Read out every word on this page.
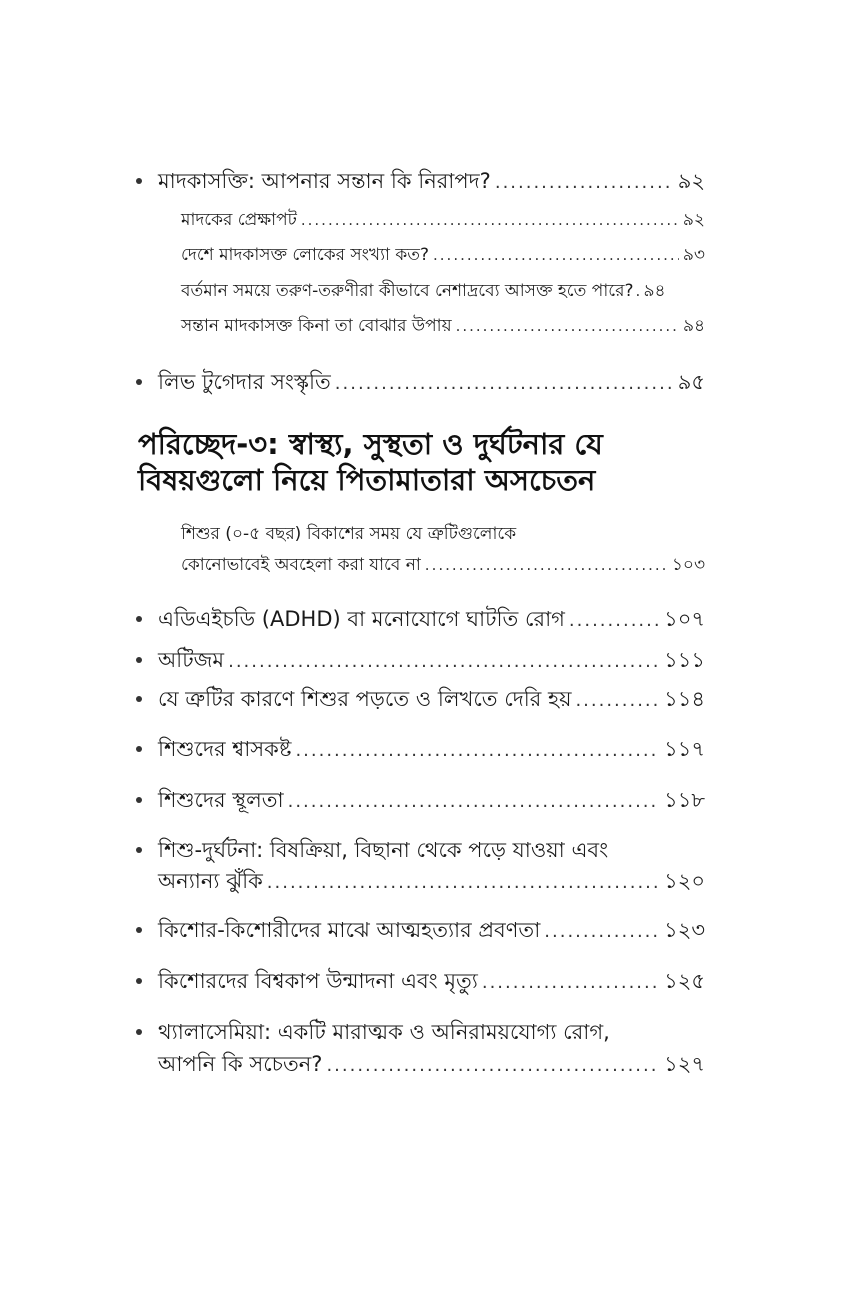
মাদকাসক্তি: আপনার সন্তান কি নিরাপদ? .....	৯২
মাদকের প্রেক্ষাপট .....	৯২
দেশে মাদকাসক্ত লোকের সংখ্যা কত? .....	৯৩
বর্তমান সময়ে তরুণ-তরুণীরা কীভাবে নেশাদ্রব্যে আসক্ত হতে পারে? ..... ৯৪
সন্তান মাদকাসক্ত কিনা তা বোঝার উপায় .....	৯৪
লিভ টুগেদার সংস্কৃতি .....	৯৫
পরিচ্ছেদ-৩: স্বাস্থ্য, সুস্থতা ও দুর্ঘটনার যে
বিষয়গুলো নিয়ে পিতামাতারা অসচেতন
শিশুর (০-৫ বছর) বিকাশের সময় যে ত্রুটিগুলোকে
কোনোভাবেই অবহেলা করা যাবে না .....	১০৩
এডিএইচডি (ADHD) বা মনোযোগে ঘাটতি রোগ .....	১০৭
অটিজম .....	১১১
যে ত্রুটির কারণে শিশুর পড়তে ও লিখতে দেরি হয় .....	১১৪
শিশুদের শ্বাসকষ্ট .....	১১৭
শিশুদের স্থূলতা .....	১১৮
শিশু-দুর্ঘটনা: বিষক্রিয়া, বিছানা থেকে পড়ে যাওয়া এবং
অন্যান্য ঝুঁকি .....	১২০
কিশোর-কিশোরীদের মাঝে আত্মহত্যার প্রবণতা .....	১২৩
কিশোরদের বিশ্বকাপ উন্মাদনা এবং মৃত্যু .....	১২৫
থ্যালাসেমিয়া: একটি মারাত্মক ও অনিরাময়যোগ্য রোগ,
আপনি কি সচেতন? .....	১২৭
